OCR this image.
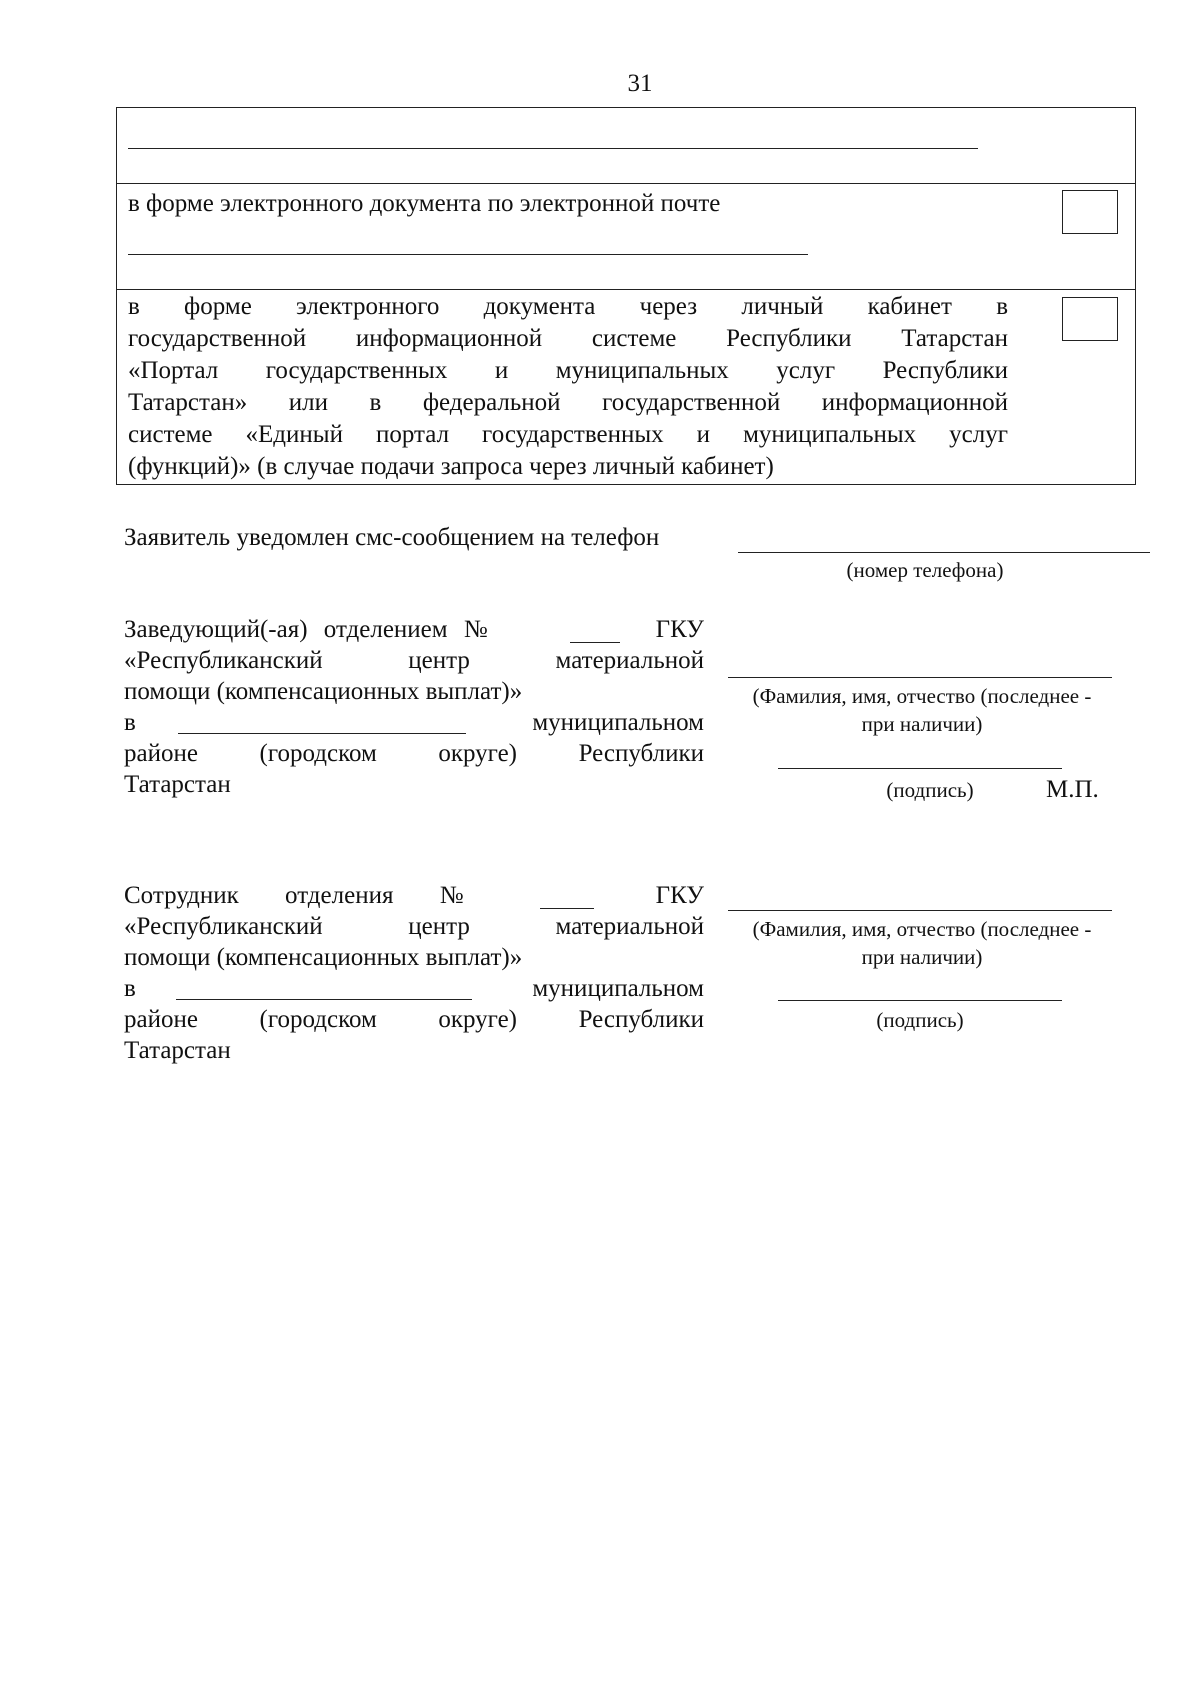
31
в форме электронного документа по электронной почте
в форме электронного документа через личный кабинет в
государственной информационной системе Республики Татарстан
«Портал государственных и муниципальных услуг Республики
Татарстан» или в федеральной государственной информационной
системе «Единый портал государственных и муниципальных услуг
(функций)» (в случае подачи запроса через личный кабинет)
Заявитель уведомлен смс-сообщением на телефон
(номер телефона)
Заведующий(-ая) отделением №	ГКУ
«Республиканский центр материальной
помощи (компенсационных выплат)»
в	муниципальном
районе (городском округе) Республики
Татарстан
(Фамилия, имя, отчество (последнее -
при наличии)
(подпись)	М.П.
Сотрудник отделения №	ГКУ
«Республиканский центр материальной
помощи (компенсационных выплат)»
в	муниципальном
районе (городском округе) Республики
Татарстан
(Фамилия, имя, отчество (последнее -
при наличии)
(подпись)
